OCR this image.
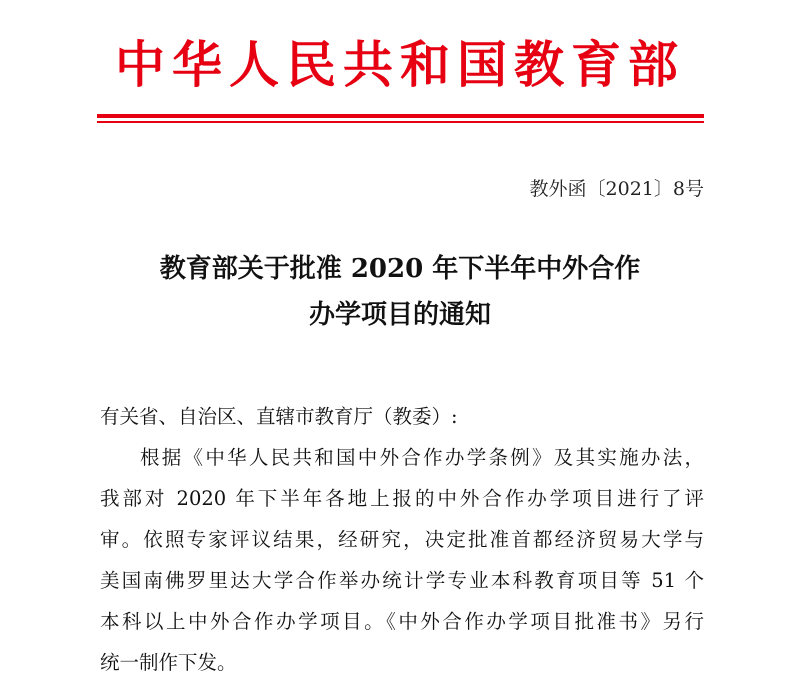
中华人民共和国教育部
教外函〔2021〕8号
教育部关于批准 2020 年下半年中外合作
办学项目的通知
有关省、自治区、直辖市教育厅（教委）:
根据《中华人民共和国中外合作办学条例》及其实施办法，
我部对 2020 年下半年各地上报的中外合作办学项目进行了评
审。依照专家评议结果，经研究，决定批准首都经济贸易大学与
美国南佛罗里达大学合作举办统计学专业本科教育项目等 51 个
本科以上中外合作办学项目。《中外合作办学项目批准书》另行
统一制作下发。
